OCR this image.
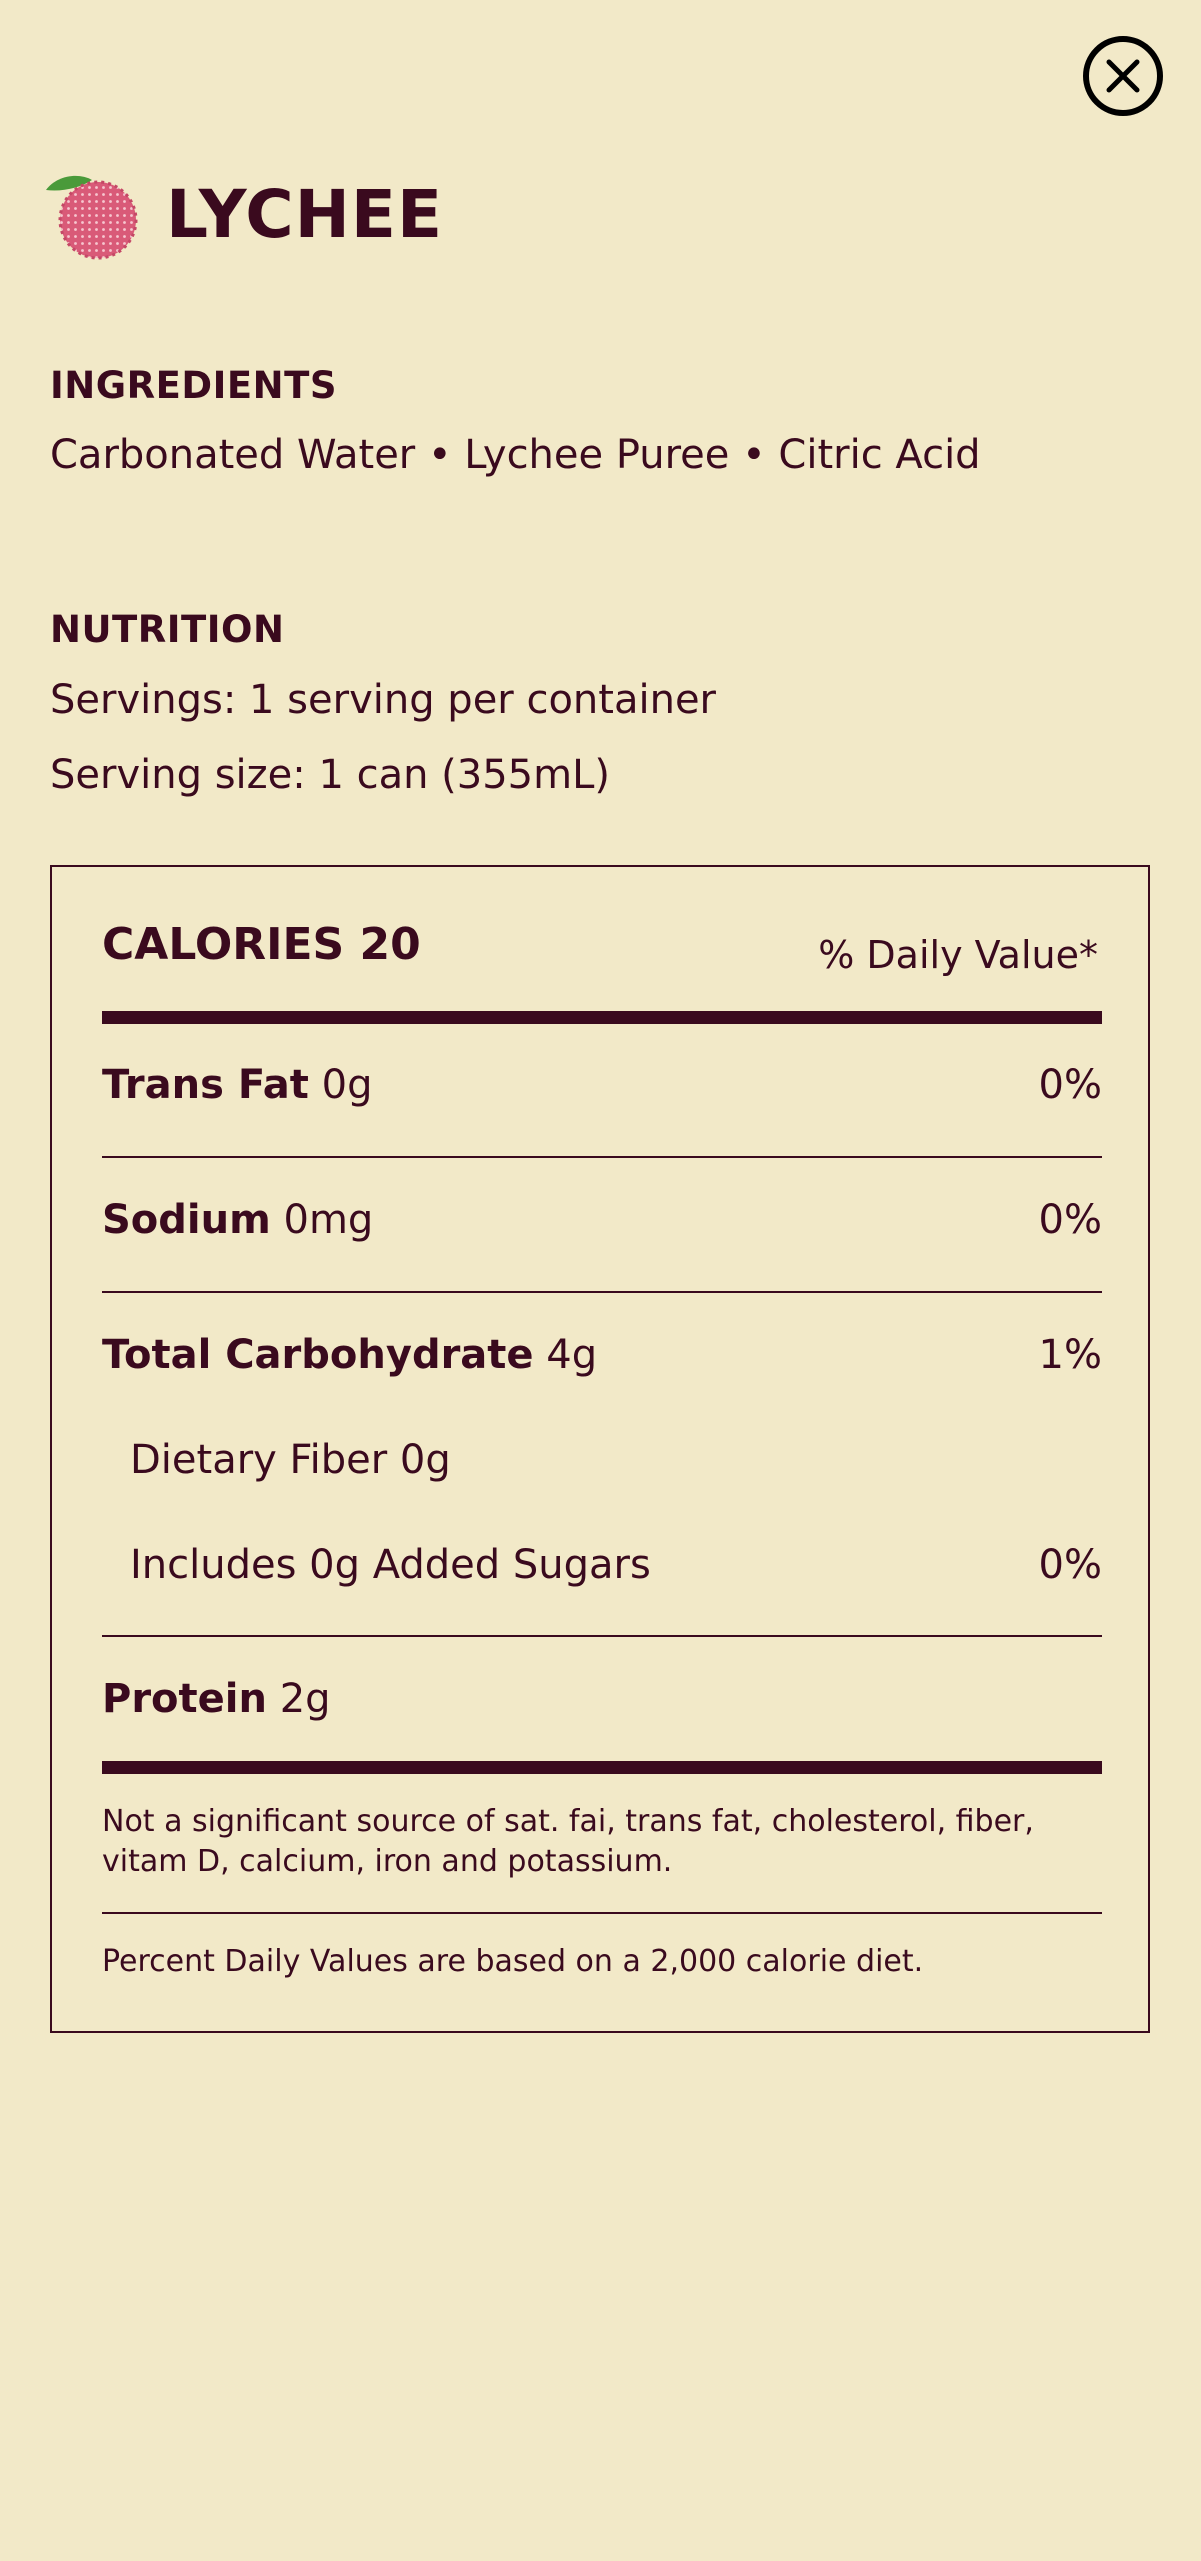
LYCHEE
INGREDIENTS
Carbonated Water • Lychee Puree • Citric Acid
NUTRITION
Servings: 1 serving per container
Serving size: 1 can (355mL)
CALORIES 20	% Daily Value*
Trans Fat 0g	0%
Sodium 0mg	0%
Total Carbohydrate 4g	1%
Dietary Fiber 0g
Includes 0g Added Sugars	0%
Protein 2g
Not a significant source of sat. fai, trans fat, cholesterol, fiber, vitam D, calcium, iron and potassium.
Percent Daily Values are based on a 2,000 calorie diet.
